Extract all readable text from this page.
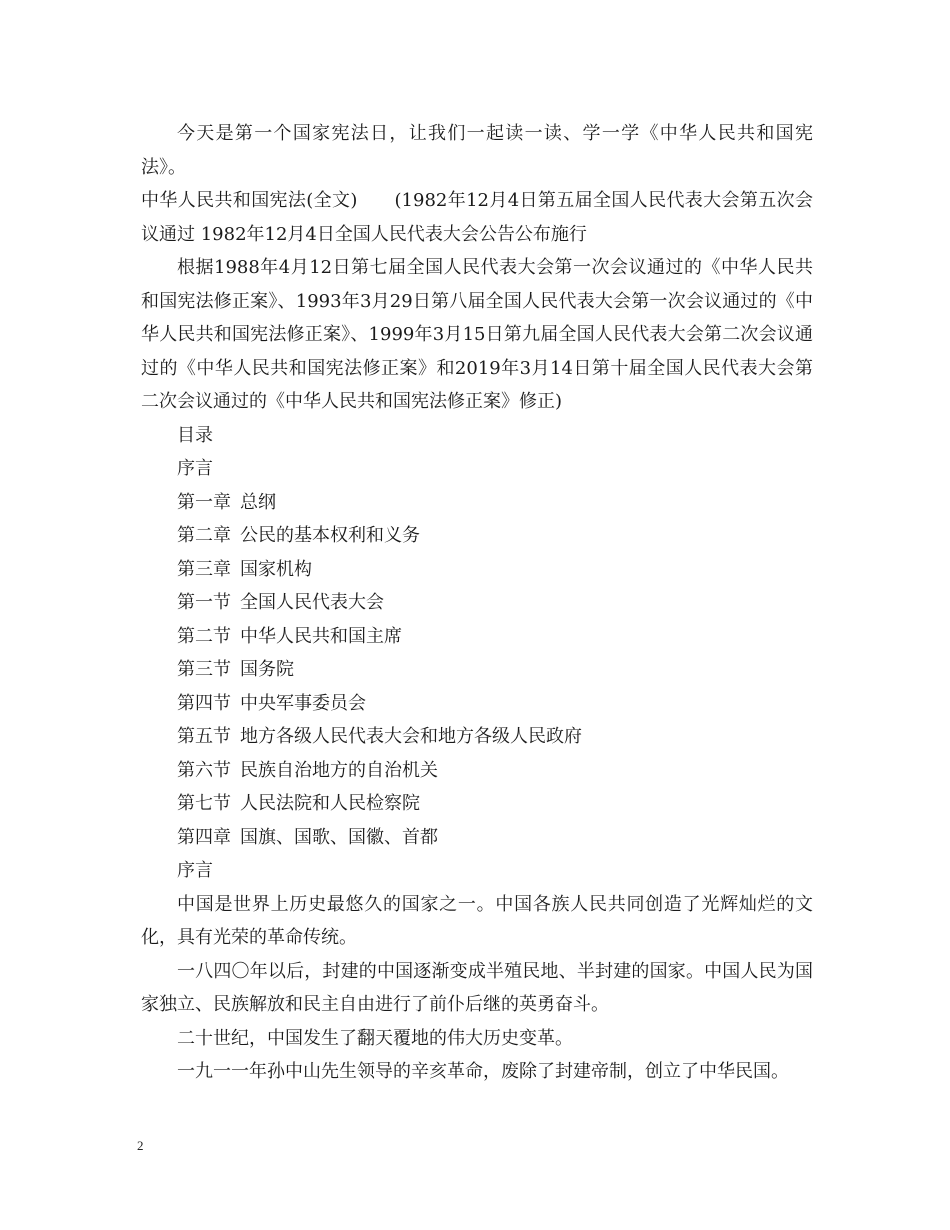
今天是第一个国家宪法日，让我们一起读一读、学一学《中华人民共和国宪法》。

中华人民共和国宪法(全文)　　(1982年12月4日第五届全国人民代表大会第五次会议通过 1982年12月4日全国人民代表大会公告公布施行

根据1988年4月12日第七届全国人民代表大会第一次会议通过的《中华人民共和国宪法修正案》、1993年3月29日第八届全国人民代表大会第一次会议通过的《中华人民共和国宪法修正案》、1999年3月15日第九届全国人民代表大会第二次会议通过的《中华人民共和国宪法修正案》和2019年3月14日第十届全国人民代表大会第二次会议通过的《中华人民共和国宪法修正案》修正)

目录

序言

第一章 总纲

第二章 公民的基本权利和义务

第三章 国家机构

第一节 全国人民代表大会

第二节 中华人民共和国主席

第三节 国务院

第四节 中央军事委员会

第五节 地方各级人民代表大会和地方各级人民政府

第六节 民族自治地方的自治机关

第七节 人民法院和人民检察院

第四章 国旗、国歌、国徽、首都

序言

中国是世界上历史最悠久的国家之一。中国各族人民共同创造了光辉灿烂的文化，具有光荣的革命传统。

一八四〇年以后，封建的中国逐渐变成半殖民地、半封建的国家。中国人民为国家独立、民族解放和民主自由进行了前仆后继的英勇奋斗。

二十世纪，中国发生了翻天覆地的伟大历史变革。

一九一一年孙中山先生领导的辛亥革命，废除了封建帝制，创立了中华民国。

2
